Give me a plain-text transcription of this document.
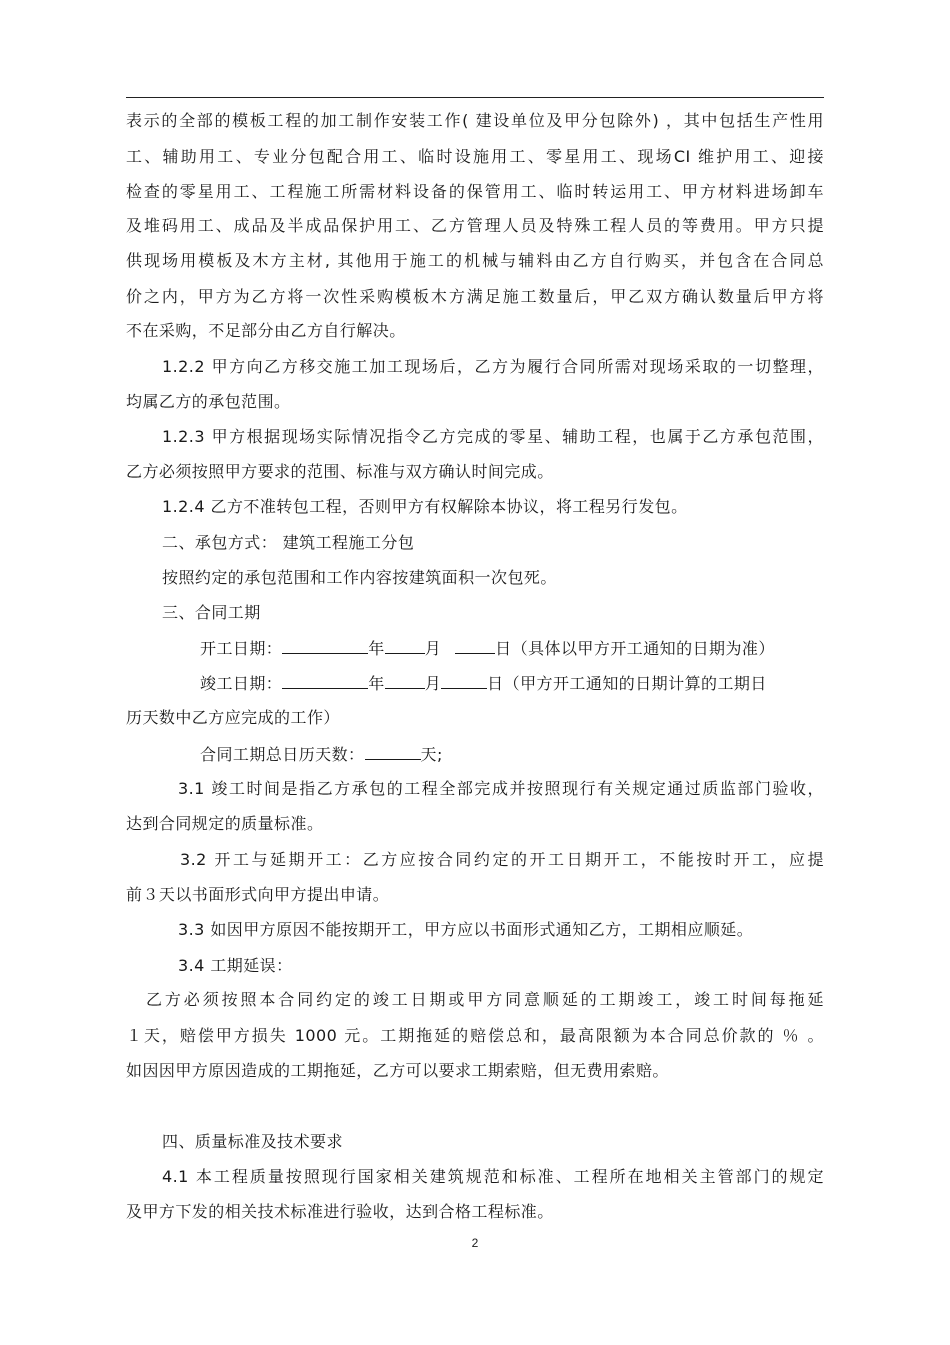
表示的全部的模板工程的加工制作安装工作( 建设单位及甲分包除外) ，其中包括生产性用
工、辅助用工、专业分包配合用工、临时设施用工、零星用工、现场CI 维护用工、迎接
检查的零星用工、工程施工所需材料设备的保管用工、临时转运用工、甲方材料进场卸车
及堆码用工、成品及半成品保护用工、乙方管理人员及特殊工程人员的等费用。甲方只提
供现场用模板及木方主材, 其他用于施工的机械与辅料由乙方自行购买，并包含在合同总
价之内，甲方为乙方将一次性采购模板木方满足施工数量后，甲乙双方确认数量后甲方将
不在采购，不足部分由乙方自行解决。
1.2.2 甲方向乙方移交施工加工现场后，乙方为履行合同所需对现场采取的一切整理，
均属乙方的承包范围。
1.2.3 甲方根据现场实际情况指令乙方完成的零星、辅助工程，也属于乙方承包范围，
乙方必须按照甲方要求的范围、标准与双方确认时间完成。
1.2.4 乙方不准转包工程，否则甲方有权解除本协议，将工程另行发包。
二、承包方式： 建筑工程施工分包
按照约定的承包范围和工作内容按建筑面积一次包死。
三、合同工期
开工日期：	年	月	日（具体以甲方开工通知的日期为准）
竣工日期：	年	月	日（甲方开工通知的日期计算的工期日
历天数中乙方应完成的工作）
合同工期总日历天数：	天;
3.1 竣工时间是指乙方承包的工程全部完成并按照现行有关规定通过质监部门验收，
达到合同规定的质量标准。
3.2 开工与延期开工：乙方应按合同约定的开工日期开工，不能按时开工，应提
前３天以书面形式向甲方提出申请。
3.3 如因甲方原因不能按期开工，甲方应以书面形式通知乙方，工期相应顺延。
3.4 工期延误：
乙方必须按照本合同约定的竣工日期或甲方同意顺延的工期竣工，竣工时间每拖延
１天，赔偿甲方损失 1000 元。工期拖延的赔偿总和，最高限额为本合同总价款的 ％ 。
如因因甲方原因造成的工期拖延，乙方可以要求工期索赔，但无费用索赔。
四、质量标准及技术要求
4.1 本工程质量按照现行国家相关建筑规范和标准、工程所在地相关主管部门的规定
及甲方下发的相关技术标准进行验收，达到合格工程标准。
2
